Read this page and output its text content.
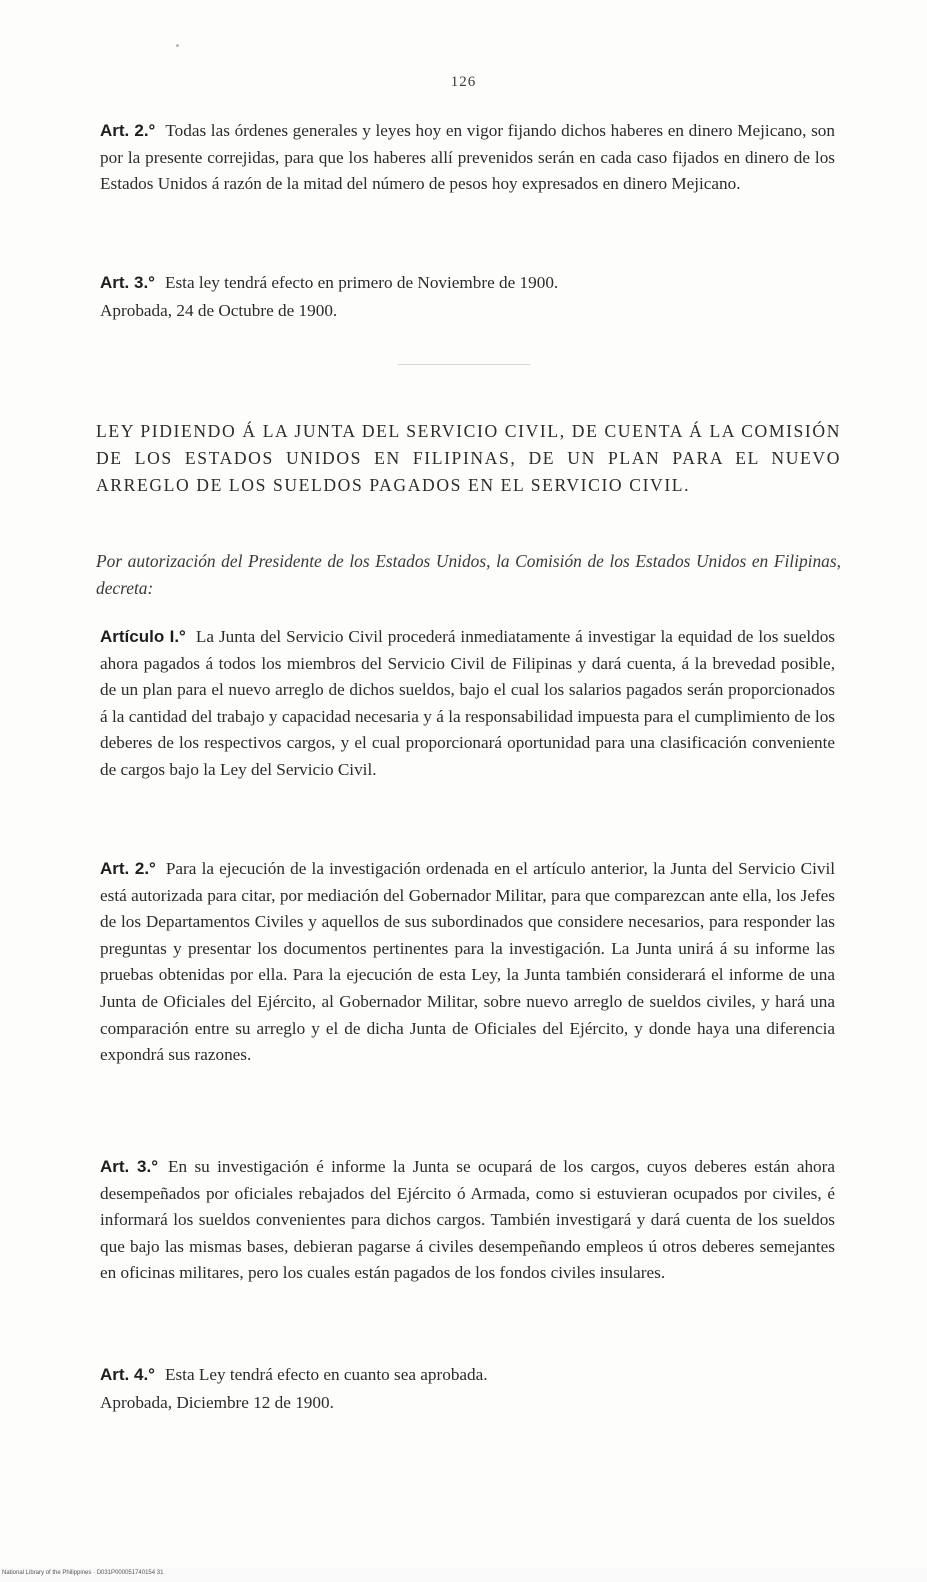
126

Art. 2.° Todas las órdenes generales y leyes hoy en vigor fijando dichos haberes en dinero Mejicano, son por la presente correjidas, para que los haberes allí prevenidos serán en cada caso fijados en dinero de los Estados Unidos á razón de la mitad del número de pesos hoy expresados en dinero Mejicano.

Art. 3.° Esta ley tendrá efecto en primero de Noviembre de 1900.

Aprobada, 24 de Octubre de 1900.

LEY PIDIENDO Á LA JUNTA DEL SERVICIO CIVIL, DE CUENTA Á LA COMISIÓN DE LOS ESTADOS UNIDOS EN FILIPINAS, DE UN PLAN PARA EL NUEVO ARREGLO DE LOS SUELDOS PAGADOS EN EL SERVICIO CIVIL.
Por autorización del Presidente de los Estados Unidos, la Comisión de los Estados Unidos en Filipinas, decreta:

Artículo I.° La Junta del Servicio Civil procederá inmediatamente á investigar la equidad de los sueldos ahora pagados á todos los miembros del Servicio Civil de Filipinas y dará cuenta, á la brevedad posible, de un plan para el nuevo arreglo de dichos sueldos, bajo el cual los salarios pagados serán proporcionados á la cantidad del trabajo y capacidad necesaria y á la responsabilidad impuesta para el cumplimiento de los deberes de los respectivos cargos, y el cual proporcionará oportunidad para una clasificación conveniente de cargos bajo la Ley del Servicio Civil.

Art. 2.° Para la ejecución de la investigación ordenada en el artículo anterior, la Junta del Servicio Civil está autorizada para citar, por mediación del Gobernador Militar, para que comparezcan ante ella, los Jefes de los Departamentos Civiles y aquellos de sus subordinados que considere necesarios, para responder las preguntas y presentar los documentos pertinentes para la investigación. La Junta unirá á su informe las pruebas obtenidas por ella. Para la ejecución de esta Ley, la Junta también considerará el informe de una Junta de Oficiales del Ejército, al Gobernador Militar, sobre nuevo arreglo de sueldos civiles, y hará una comparación entre su arreglo y el de dicha Junta de Oficiales del Ejército, y donde haya una diferencia expondrá sus razones.

Art. 3.° En su investigación é informe la Junta se ocupará de los cargos, cuyos deberes están ahora desempeñados por oficiales rebajados del Ejército ó Armada, como si estuvieran ocupados por civiles, é informará los sueldos convenientes para dichos cargos. También investigará y dará cuenta de los sueldos que bajo las mismas bases, debieran pagarse á civiles desempeñando empleos ú otros deberes semejantes en oficinas militares, pero los cuales están pagados de los fondos civiles insulares.

Art. 4.° Esta Ley tendrá efecto en cuanto sea aprobada.

Aprobada, Diciembre 12 de 1900.

National Library of the Philippines · D031P000051740154 31
